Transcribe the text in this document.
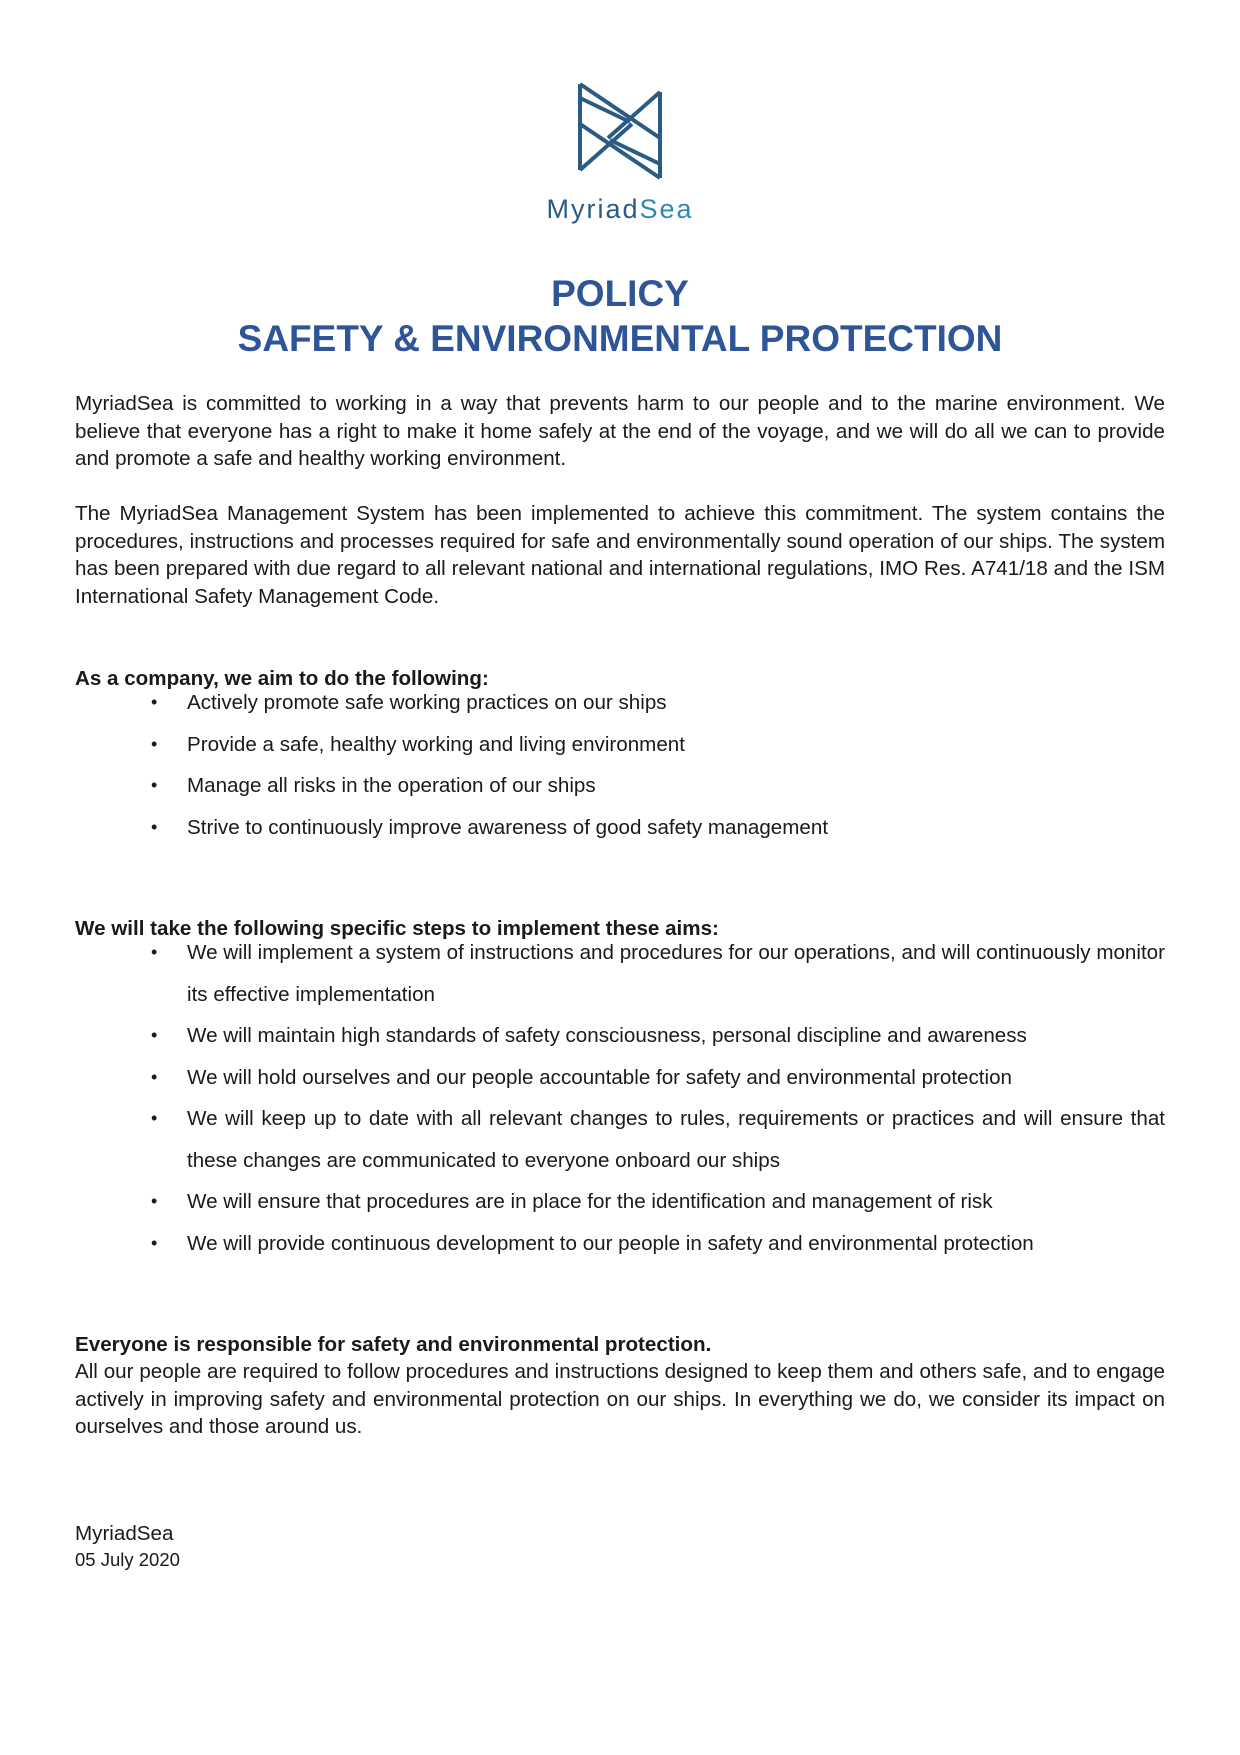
MyriadSea
POLICY
SAFETY & ENVIRONMENTAL PROTECTION

MyriadSea is committed to working in a way that prevents harm to our people and to the marine environment. We believe that everyone has a right to make it home safely at the end of the voyage, and we will do all we can to provide and promote a safe and healthy working environment.

The MyriadSea Management System has been implemented to achieve this commitment. The system contains the procedures, instructions and processes required for safe and environmentally sound operation of our ships. The system has been prepared with due regard to all relevant national and international regulations, IMO Res. A741/18 and the ISM International Safety Management Code.

As a company, we aim to do the following:

• Actively promote safe working practices on our ships
• Provide a safe, healthy working and living environment
• Manage all risks in the operation of our ships
• Strive to continuously improve awareness of good safety management

We will take the following specific steps to implement these aims:

• We will implement a system of instructions and procedures for our operations, and will continuously monitor its effective implementation
• We will maintain high standards of safety consciousness, personal discipline and awareness
• We will hold ourselves and our people accountable for safety and environmental protection
• We will keep up to date with all relevant changes to rules, requirements or practices and will ensure that these changes are communicated to everyone onboard our ships
• We will ensure that procedures are in place for the identification and management of risk
• We will provide continuous development to our people in safety and environmental protection

Everyone is responsible for safety and environmental protection.

All our people are required to follow procedures and instructions designed to keep them and others safe, and to engage actively in improving safety and environmental protection on our ships. In everything we do, we consider its impact on ourselves and those around us.

MyriadSea

05 July 2020
